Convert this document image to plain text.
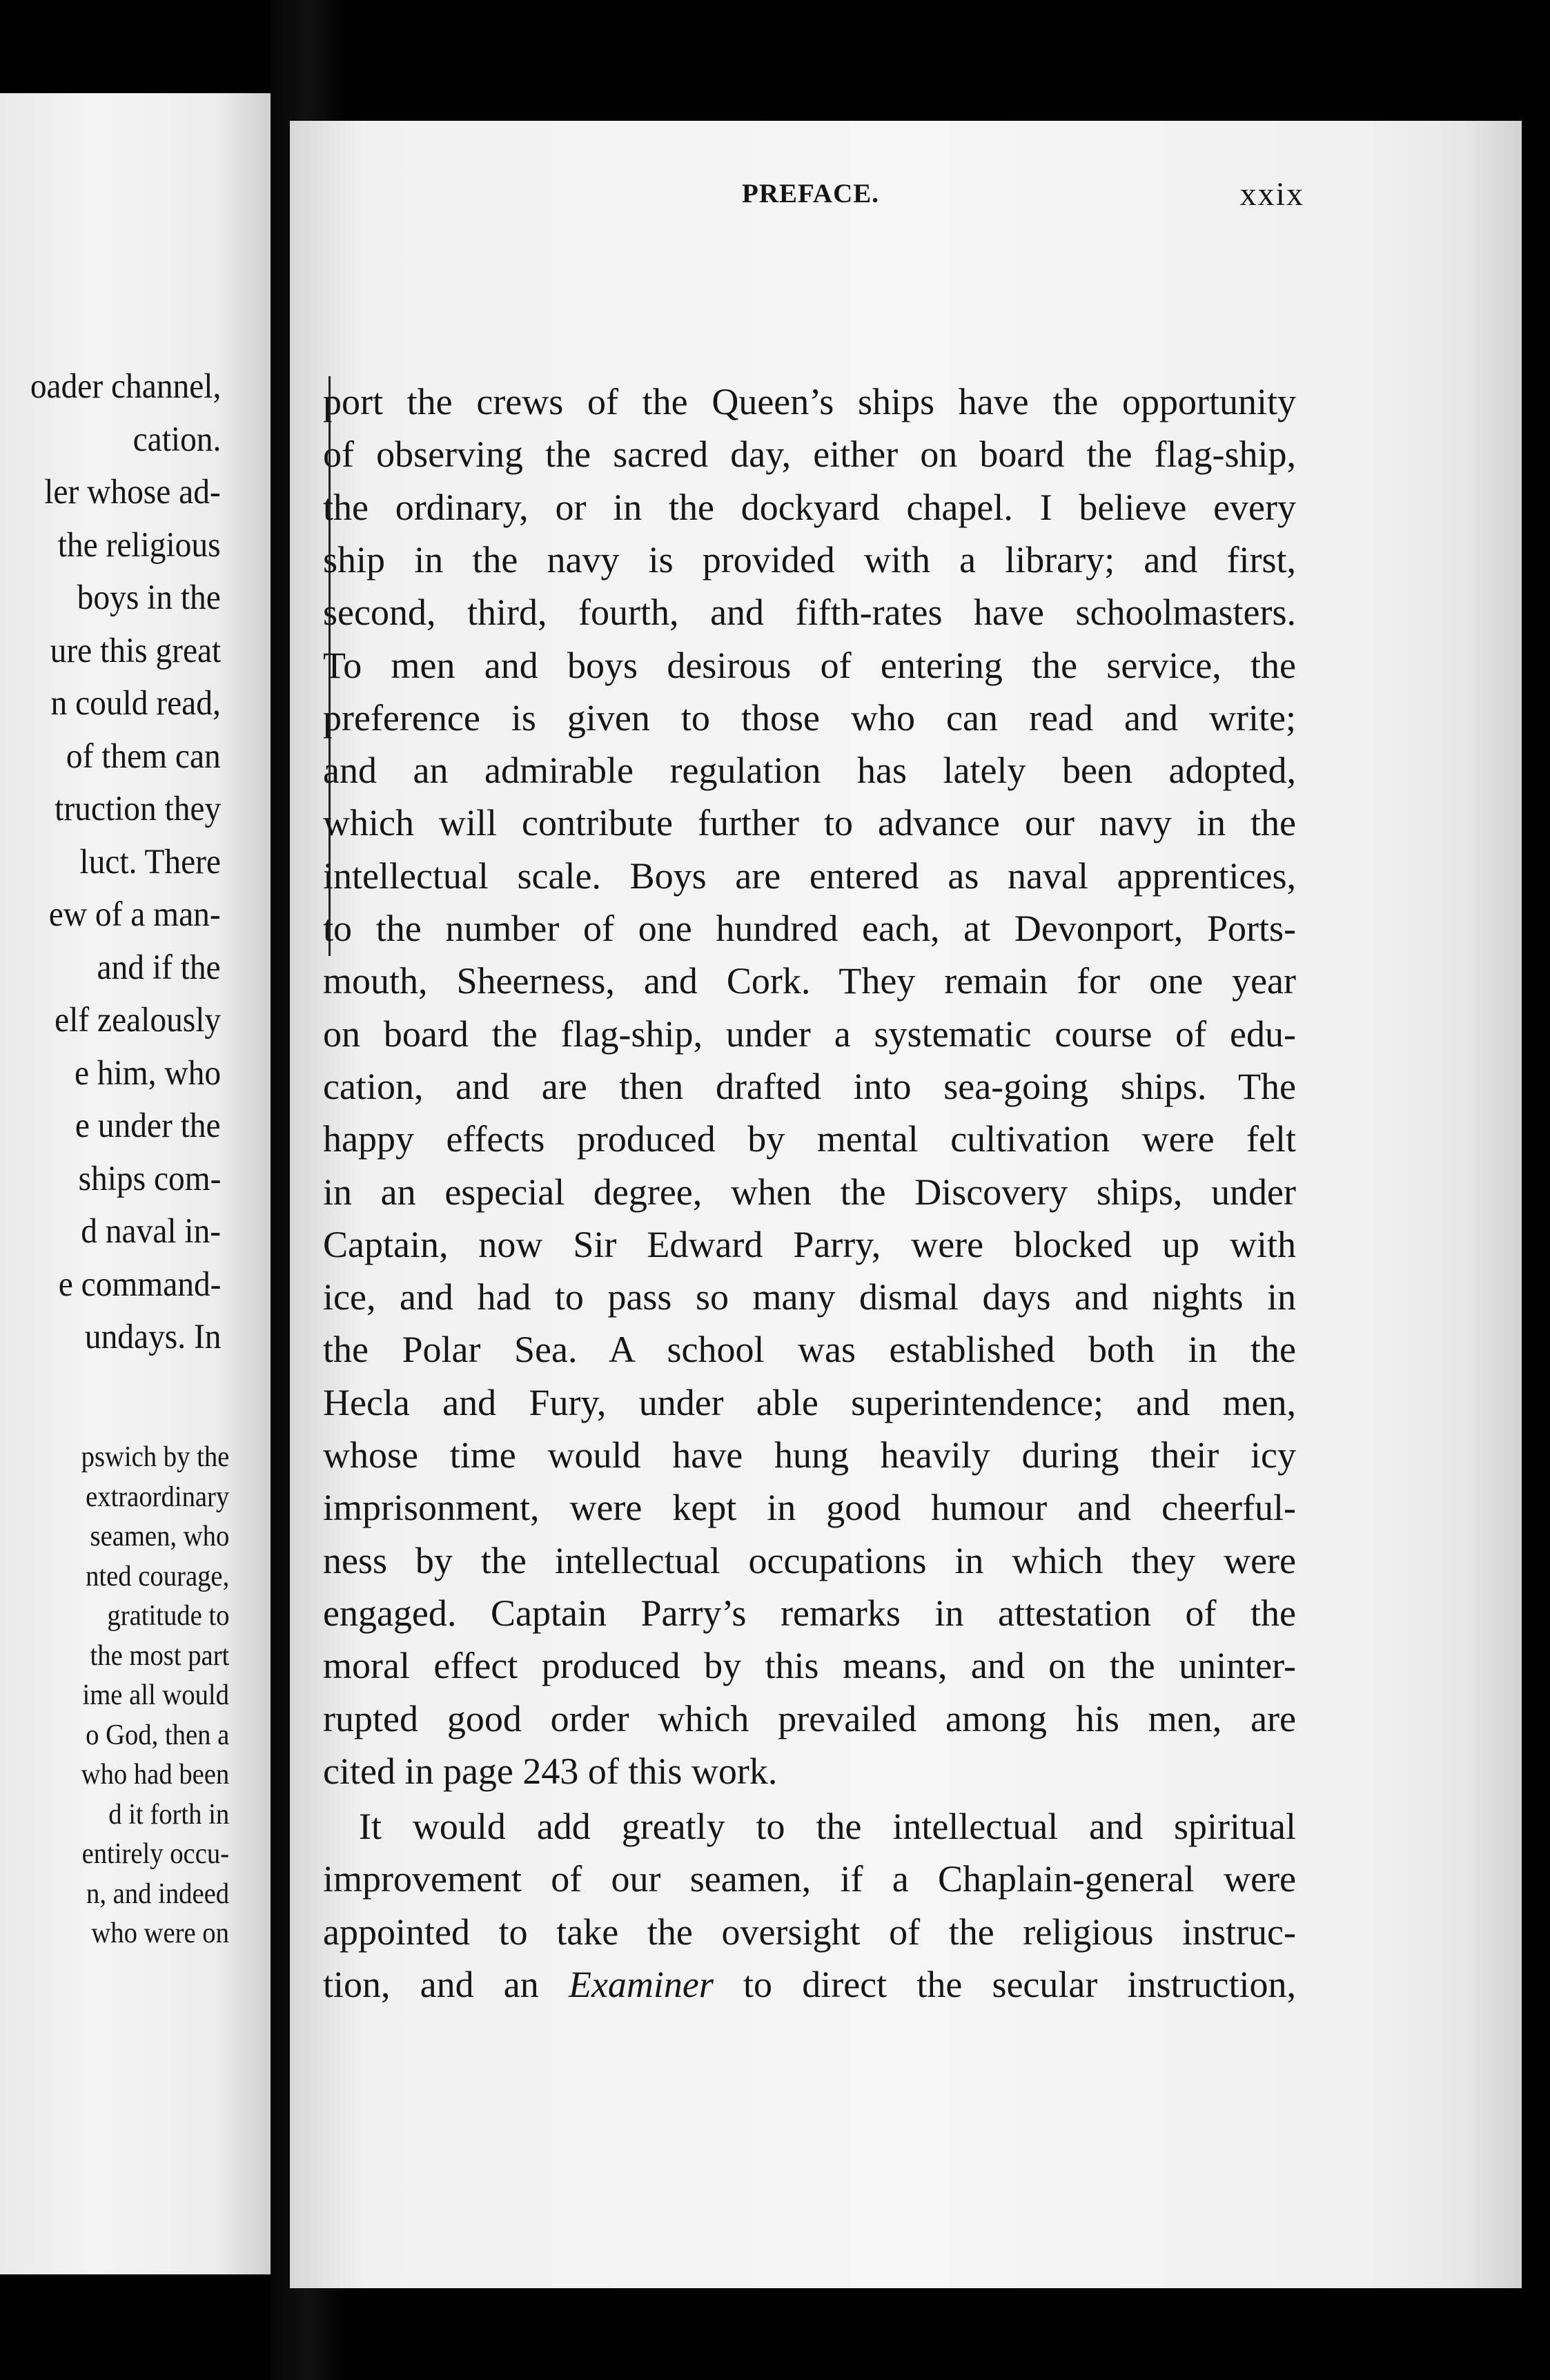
oader channel,
cation.
ler whose ad-
the religious
boys in the
ure this great
n could read,
of them can
truction they
luct. There
ew of a man-
and if the
elf zealously
e him, who
e under the
ships com-
d naval in-
e command-
undays. In
pswich by the
extraordinary
seamen, who
nted courage,
gratitude to
the most part
ime all would
o God, then a
who had been
d it forth in
entirely occu-
n, and indeed
who were on
PREFACE.	xxix
port the crews of the Queen’s ships have the opportunity
of observing the sacred day, either on board the flag-ship,
the ordinary, or in the dockyard chapel. I believe every
ship in the navy is provided with a library; and first,
second, third, fourth, and fifth-rates have schoolmasters.
To men and boys desirous of entering the service, the
preference is given to those who can read and write;
and an admirable regulation has lately been adopted,
which will contribute further to advance our navy in the
intellectual scale. Boys are entered as naval apprentices,
to the number of one hundred each, at Devonport, Ports-
mouth, Sheerness, and Cork. They remain for one year
on board the flag-ship, under a systematic course of edu-
cation, and are then drafted into sea-going ships. The
happy effects produced by mental cultivation were felt
in an especial degree, when the Discovery ships, under
Captain, now Sir Edward Parry, were blocked up with
ice, and had to pass so many dismal days and nights in
the Polar Sea. A school was established both in the
Hecla and Fury, under able superintendence; and men,
whose time would have hung heavily during their icy
imprisonment, were kept in good humour and cheerful-
ness by the intellectual occupations in which they were
engaged. Captain Parry’s remarks in attestation of the
moral effect produced by this means, and on the uninter-
rupted good order which prevailed among his men, are
cited in page 243 of this work.
It would add greatly to the intellectual and spiritual
improvement of our seamen, if a Chaplain-general were
appointed to take the oversight of the religious instruc-
tion, and an Examiner to direct the secular instruction,
